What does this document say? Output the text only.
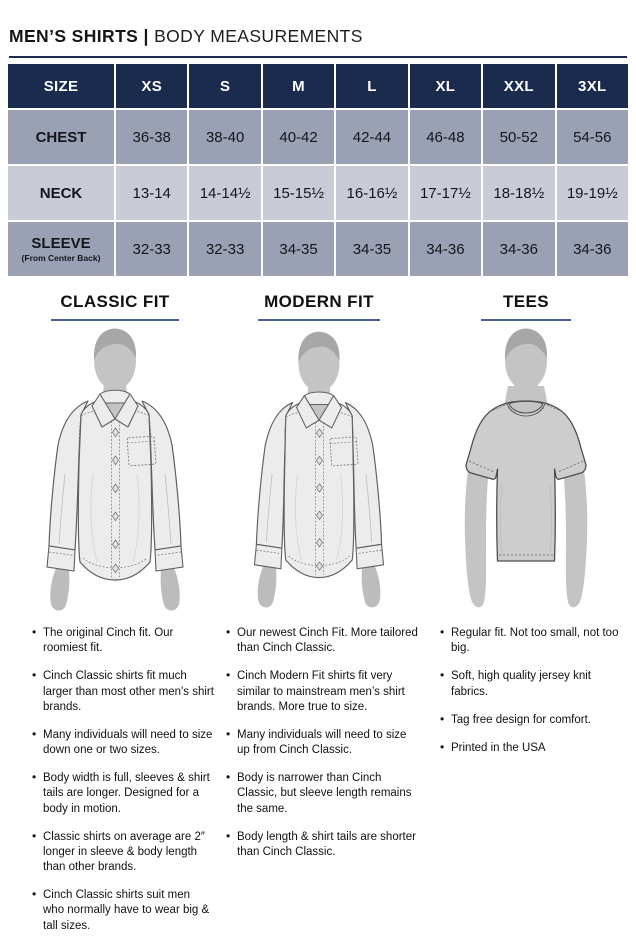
MEN’S SHIRTS | BODY MEASUREMENTS
SIZE	XS	S	M	L	XL	XXL	3XL
CHEST	36-38	38-40	40-42	42-44	46-48	50-52	54-56
NECK	13-14	14-14½	15-15½	16-16½	17-17½	18-18½	19-19½
SLEEVE
(From Center Back)	32-33	32-33	34-35	34-35	34-36	34-36	34-36
CLASSIC FIT
• The original Cinch fit. Our roomiest fit.
• Cinch Classic shirts fit much larger than most other men's shirt brands.
• Many individuals will need to size down one or two sizes.
• Body width is full, sleeves & shirt tails are longer. Designed for a body in motion.
• Classic shirts on average are 2″ longer in sleeve & body length than other brands.
• Cinch Classic shirts suit men who normally have to wear big & tall sizes.
MODERN FIT
• Our newest Cinch Fit. More tailored than Cinch Classic.
• Cinch Modern Fit shirts fit very similar to mainstream men’s shirt brands. More true to size.
• Many individuals will need to size up from Cinch Classic.
• Body is narrower than Cinch Classic, but sleeve length remains the same.
• Body length & shirt tails are shorter than Cinch Classic.
TEES
• Regular fit. Not too small, not too big.
• Soft, high quality jersey knit fabrics.
• Tag free design for comfort.
• Printed in the USA
